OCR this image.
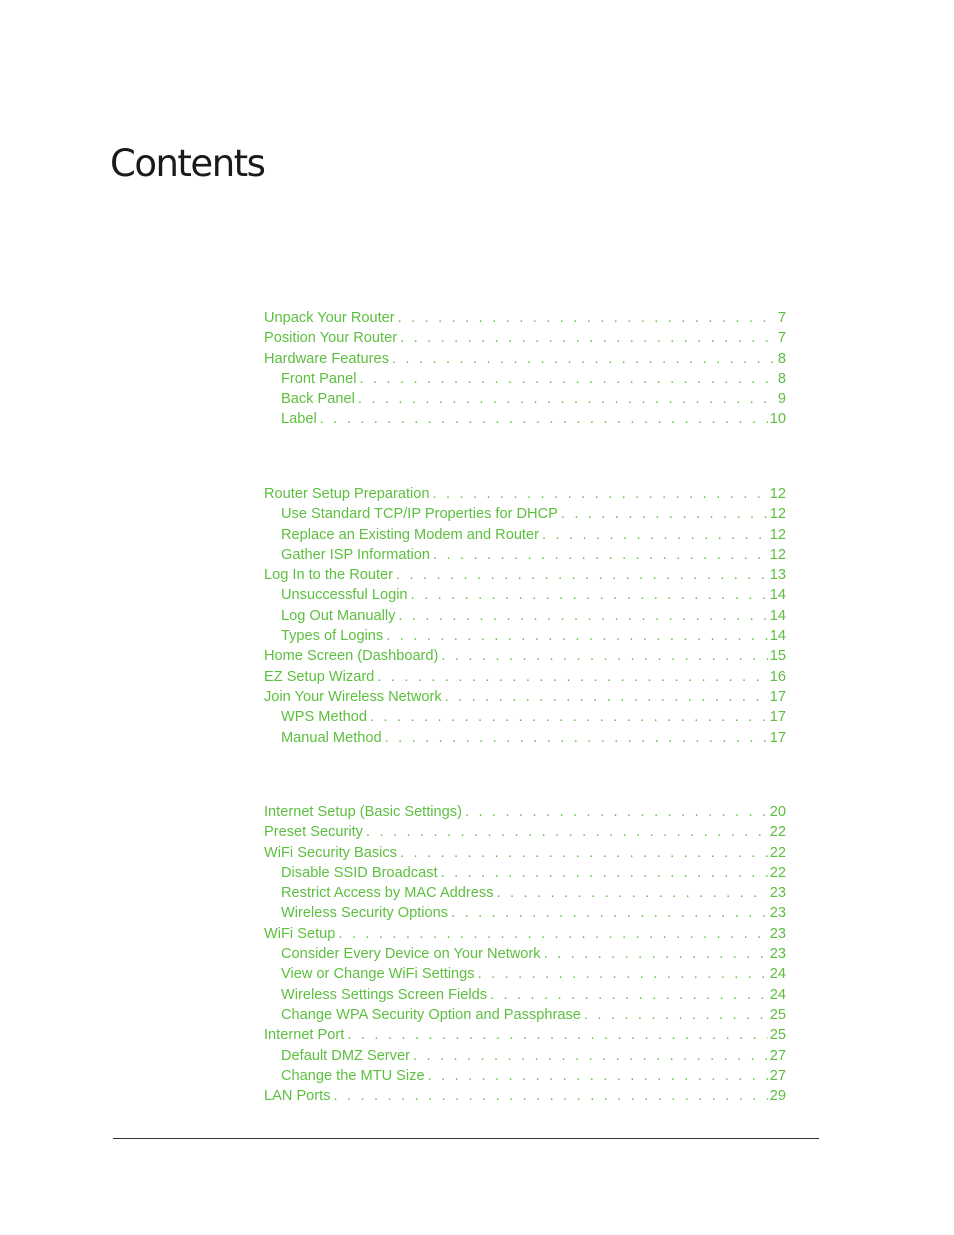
Contents
Unpack Your Router . . .	7
Position Your Router . . .	7
Hardware Features . . .	8
Front Panel . . .	8
Back Panel . . .	9
Label . . .	10
Router Setup Preparation . . .	12
Use Standard TCP/IP Properties for DHCP . . .	12
Replace an Existing Modem and Router . . .	12
Gather ISP Information . . .	12
Log In to the Router . . .	13
Unsuccessful Login . . .	14
Log Out Manually . . .	14
Types of Logins . . .	14
Home Screen (Dashboard) . . .	15
EZ Setup Wizard . . .	16
Join Your Wireless Network . . .	17
WPS Method . . .	17
Manual Method . . .	17
Internet Setup (Basic Settings) . . .	20
Preset Security . . .	22
WiFi Security Basics . . .	22
Disable SSID Broadcast . . .	22
Restrict Access by MAC Address . . .	23
Wireless Security Options . . .	23
WiFi Setup . . .	23
Consider Every Device on Your Network . . .	23
View or Change WiFi Settings . . .	24
Wireless Settings Screen Fields . . .	24
Change WPA Security Option and Passphrase . . .	25
Internet Port . . .	25
Default DMZ Server . . .	27
Change the MTU Size . . .	27
LAN Ports . . .	29
